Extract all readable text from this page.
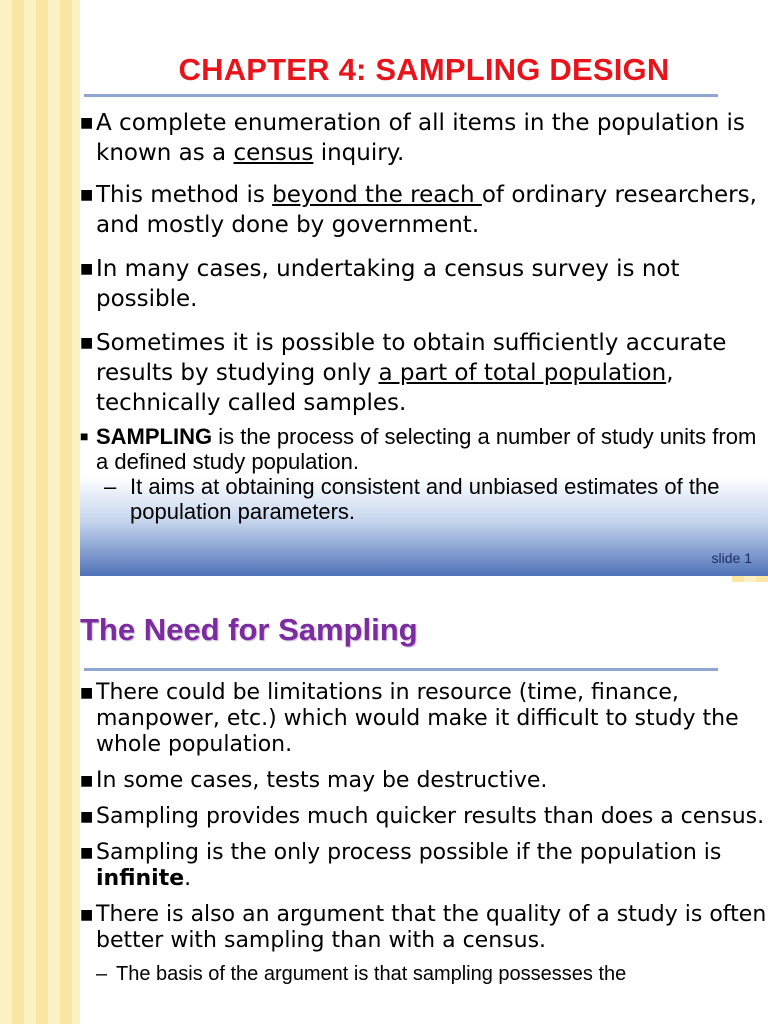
CHAPTER 4: SAMPLING DESIGN
■ A complete enumeration of all items in the population is known as a census inquiry.
■ This method is beyond the reach of ordinary researchers, and mostly done by government.
■ In many cases, undertaking a census survey is not possible.
■ Sometimes it is possible to obtain sufficiently accurate results by studying only a part of total population, technically called samples.
■ SAMPLING is the process of selecting a number of study units from a defined study population.
– It aims at obtaining consistent and unbiased estimates of the population parameters.
slide 1
The Need for Sampling
■ There could be limitations in resource (time, finance, manpower, etc.) which would make it difficult to study the whole population.
■ In some cases, tests may be destructive.
■ Sampling provides much quicker results than does a census.
■ Sampling is the only process possible if the population is infinite.
■ There is also an argument that the quality of a study is often better with sampling than with a census.
– The basis of the argument is that sampling possesses the
